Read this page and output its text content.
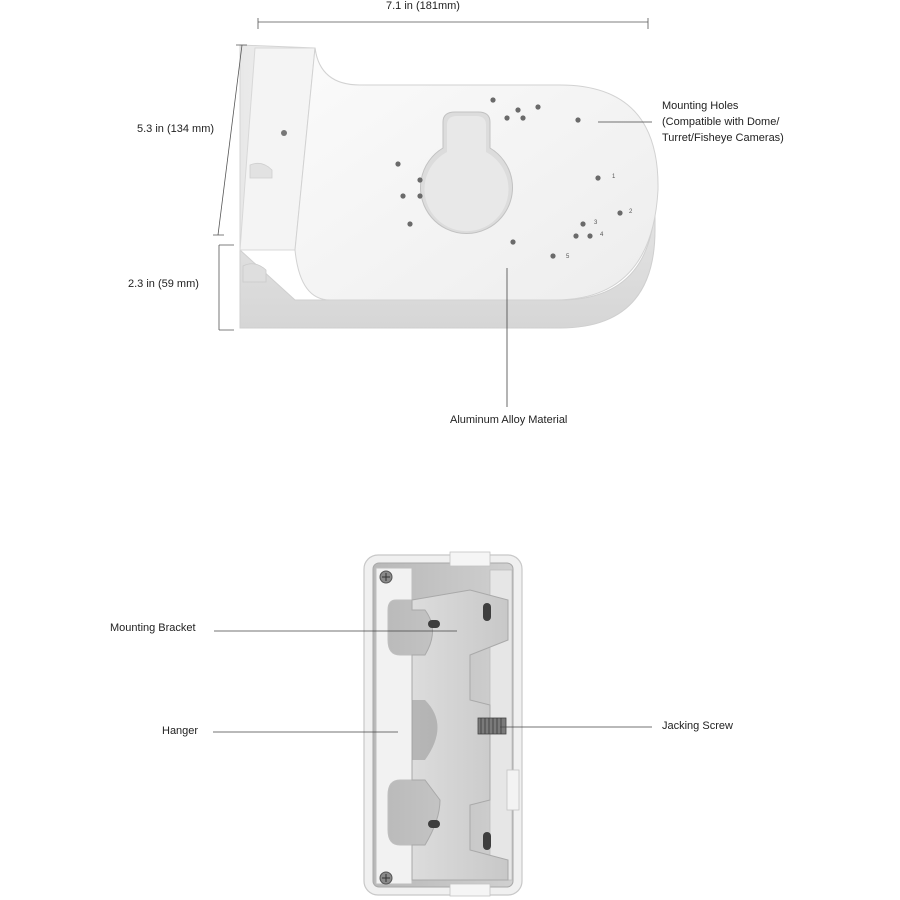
1
2
3
4
5
7.1 in (181mm)
5.3 in (134 mm)
2.3 in (59 mm)
Mounting Holes
(Compatible with Dome/
Turret/Fisheye Cameras)
Aluminum Alloy Material
Mounting Bracket
Hanger	Jacking Screw
